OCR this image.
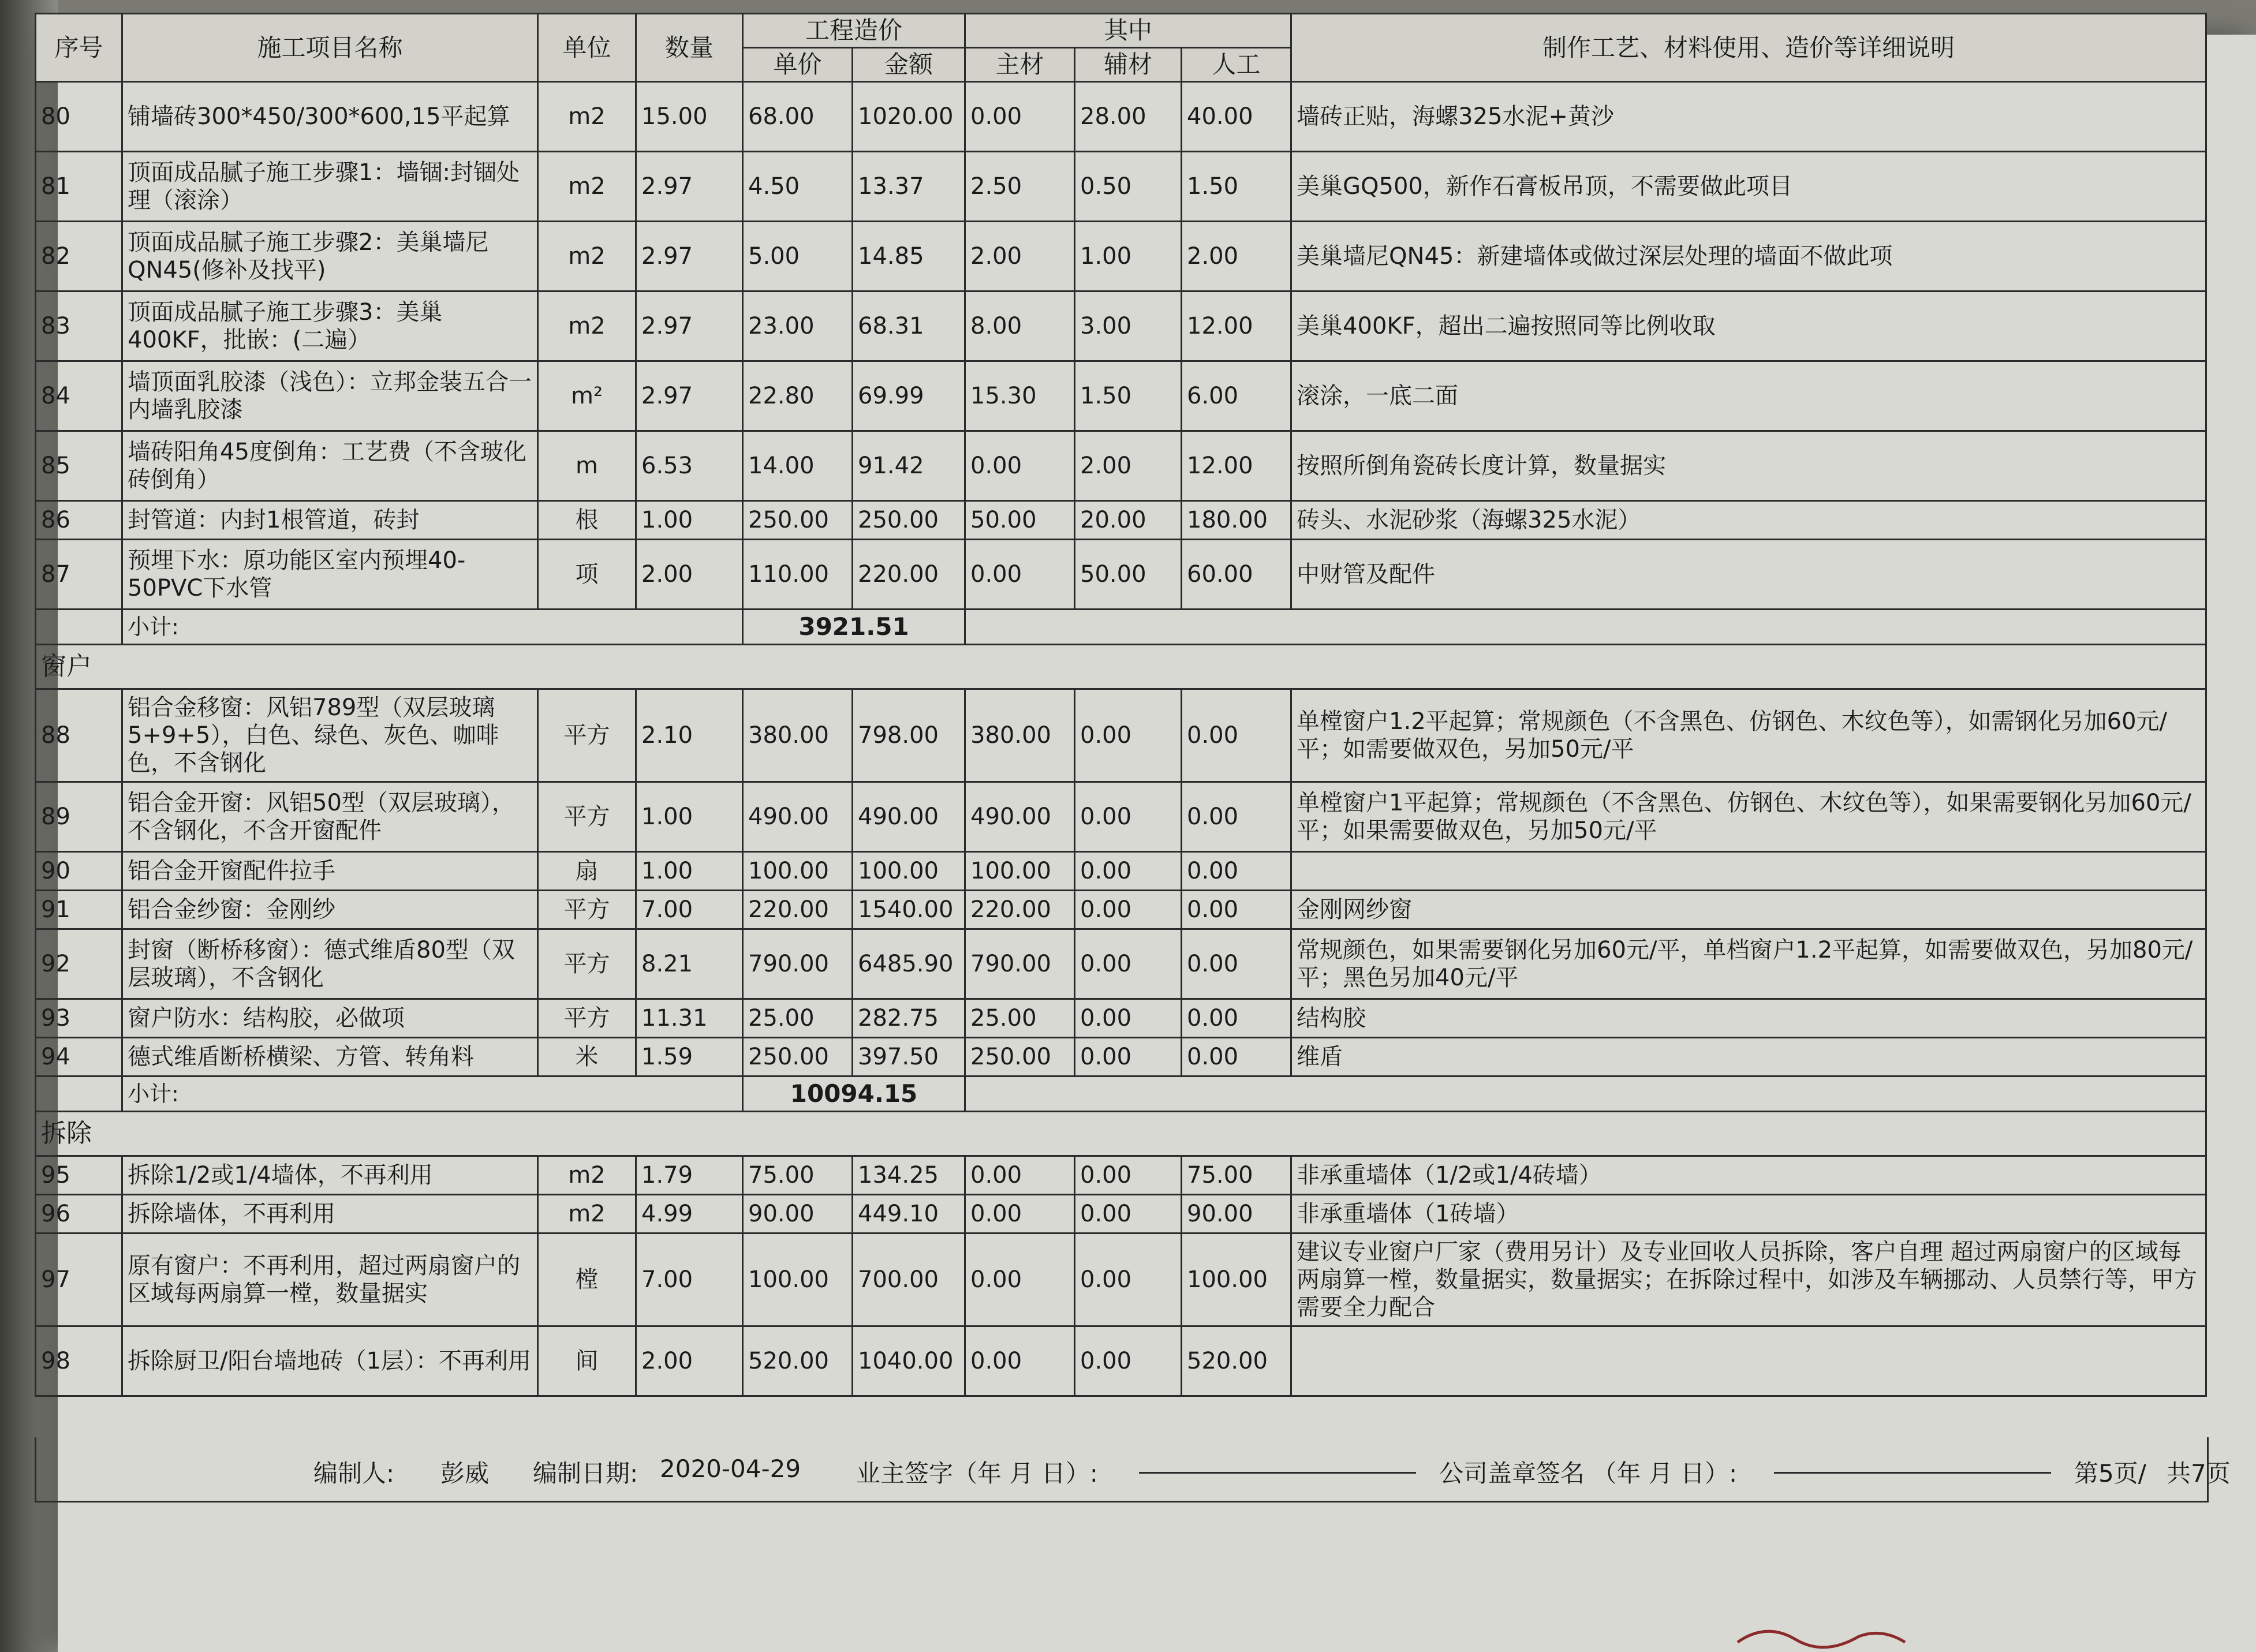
序号	施工项目名称	单位	数量	工程造价		其中			制作工艺、材料使用、造价等详细说明
				单价	金额	主材	辅材	人工	
80	铺墙砖300*450/300*600,15平起算	m2	15.00	68.00	1020.00	0.00	28.00	40.00	墙砖正贴，海螺325水泥+黄沙
81	顶面成品腻子施工步骤1：墙锢:封锢处理（滚涂）	m2	2.97	4.50	13.37	2.50	0.50	1.50	美巢GQ500，新作石膏板吊顶，不需要做此项目
82	顶面成品腻子施工步骤2：美巢墙尼QN45(修补及找平)	m2	2.97	5.00	14.85	2.00	1.00	2.00	美巢墙尼QN45：新建墙体或做过深层处理的墙面不做此项
83	顶面成品腻子施工步骤3：美巢400KF，批嵌：(二遍）	m2	2.97	23.00	68.31	8.00	3.00	12.00	美巢400KF，超出二遍按照同等比例收取
84	墙顶面乳胶漆（浅色）：立邦金装五合一内墙乳胶漆	m²	2.97	22.80	69.99	15.30	1.50	6.00	滚涂，一底二面
85	墙砖阳角45度倒角：工艺费（不含玻化砖倒角）	m	6.53	14.00	91.42	0.00	2.00	12.00	按照所倒角瓷砖长度计算，数量据实
86	封管道：内封1根管道，砖封	根	1.00	250.00	250.00	50.00	20.00	180.00	砖头、水泥砂浆（海螺325水泥）
87	预埋下水：原功能区室内预埋40-50PVC下水管	项	2.00	110.00	220.00	0.00	50.00	60.00	中财管及配件
	小计:			3921.51					
窗户									
88	铝合金移窗：风铝789型（双层玻璃5+9+5），白色、绿色、灰色、咖啡色，不含钢化	平方	2.10	380.00	798.00	380.00	0.00	0.00	单樘窗户1.2平起算；常规颜色（不含黑色、仿钢色、木纹色等），如需钢化另加60元/平；如需要做双色，另加50元/平
89	铝合金开窗：风铝50型（双层玻璃），不含钢化，不含开窗配件	平方	1.00	490.00	490.00	490.00	0.00	0.00	单樘窗户1平起算；常规颜色（不含黑色、仿钢色、木纹色等），如果需要钢化另加60元/平；如果需要做双色，另加50元/平
90	铝合金开窗配件拉手	扇	1.00	100.00	100.00	100.00	0.00	0.00	
91	铝合金纱窗：金刚纱	平方	7.00	220.00	1540.00	220.00	0.00	0.00	金刚网纱窗
92	封窗（断桥移窗）：德式维盾80型（双层玻璃），不含钢化	平方	8.21	790.00	6485.90	790.00	0.00	0.00	常规颜色，如果需要钢化另加60元/平，单档窗户1.2平起算，如需要做双色，另加80元/平；黑色另加40元/平
93	窗户防水：结构胶，必做项	平方	11.31	25.00	282.75	25.00	0.00	0.00	结构胶
94	德式维盾断桥横梁、方管、转角料	米	1.59	250.00	397.50	250.00	0.00	0.00	维盾
	小计:			10094.15					
拆除									
95	拆除1/2或1/4墙体，不再利用	m2	1.79	75.00	134.25	0.00	0.00	75.00	非承重墙体（1/2或1/4砖墙）
96	拆除墙体，不再利用	m2	4.99	90.00	449.10	0.00	0.00	90.00	非承重墙体（1砖墙）
97	原有窗户：不再利用，超过两扇窗户的区域每两扇算一樘，数量据实	樘	7.00	100.00	700.00	0.00	0.00	100.00	建议专业窗户厂家（费用另计）及专业回收人员拆除，客户自理 超过两扇窗户的区域每两扇算一樘，数量据实，数量据实；在拆除过程中，如涉及车辆挪动、人员禁行等，甲方需要全力配合
98	拆除厨卫/阳台墙地砖（1层）：不再利用	间	2.00	520.00	1040.00	0.00	0.00	520.00	
编制人: 彭威 编制日期: 2020-04-29 业主签字（年 月 日）:	公司盖章签名 （年 月 日）:	第5页/ 共7页
